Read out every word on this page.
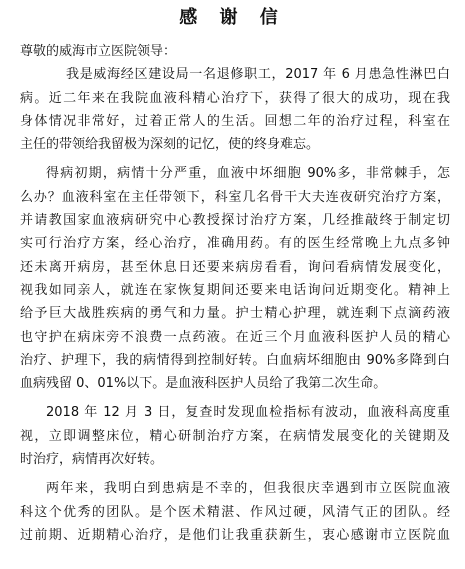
感 谢 信
尊敬的威海市立医院领导：
我是威海经区建设局一名退修职工，2017 年 6 月患急性淋巴白
病。近二年来在我院血液科精心治疗下，获得了很大的成功，现在我
身体情况非常好，过着正常人的生活。回想二年的治疗过程，科室在
主任的带领给我留极为深刻的记忆，使的终身难忘。
得病初期，病情十分严重，血液中坏细胞 90%多，非常棘手，怎
么办？血液科室在主任带领下，科室几名骨干大夫连夜研究治疗方案，
并请教国家血液病研究中心教授探讨治疗方案，几经推敲终于制定切
实可行治疗方案，经心治疗，准确用药。有的医生经常晚上九点多钟
还未离开病房，甚至休息日还要来病房看看，询问看病情发展变化，
视我如同亲人，就连在家恢复期间还要来电话询问近期变化。精神上
给予巨大战胜疾病的勇气和力量。护士精心护理，就连剩下点滴药液
也守护在病床旁不浪费一点药液。在近三个月血液科医护人员的精心
治疗、护理下，我的病情得到控制好转。白血病坏细胞由 90%多降到白
血病残留 0、01%以下。是血液科医护人员给了我第二次生命。
2018 年 12 月 3 日，复查时发现血检指标有波动，血液科高度重
视，立即调整床位，精心研制治疗方案，在病情发展变化的关键期及
时治疗，病情再次好转。
两年来，我明白到患病是不幸的，但我很庆幸遇到市立医院血液
科这个优秀的团队。是个医术精湛、作风过硬，风清气正的团队。经
过前期、近期精心治疗，是他们让我重获新生，衷心感谢市立医院血
